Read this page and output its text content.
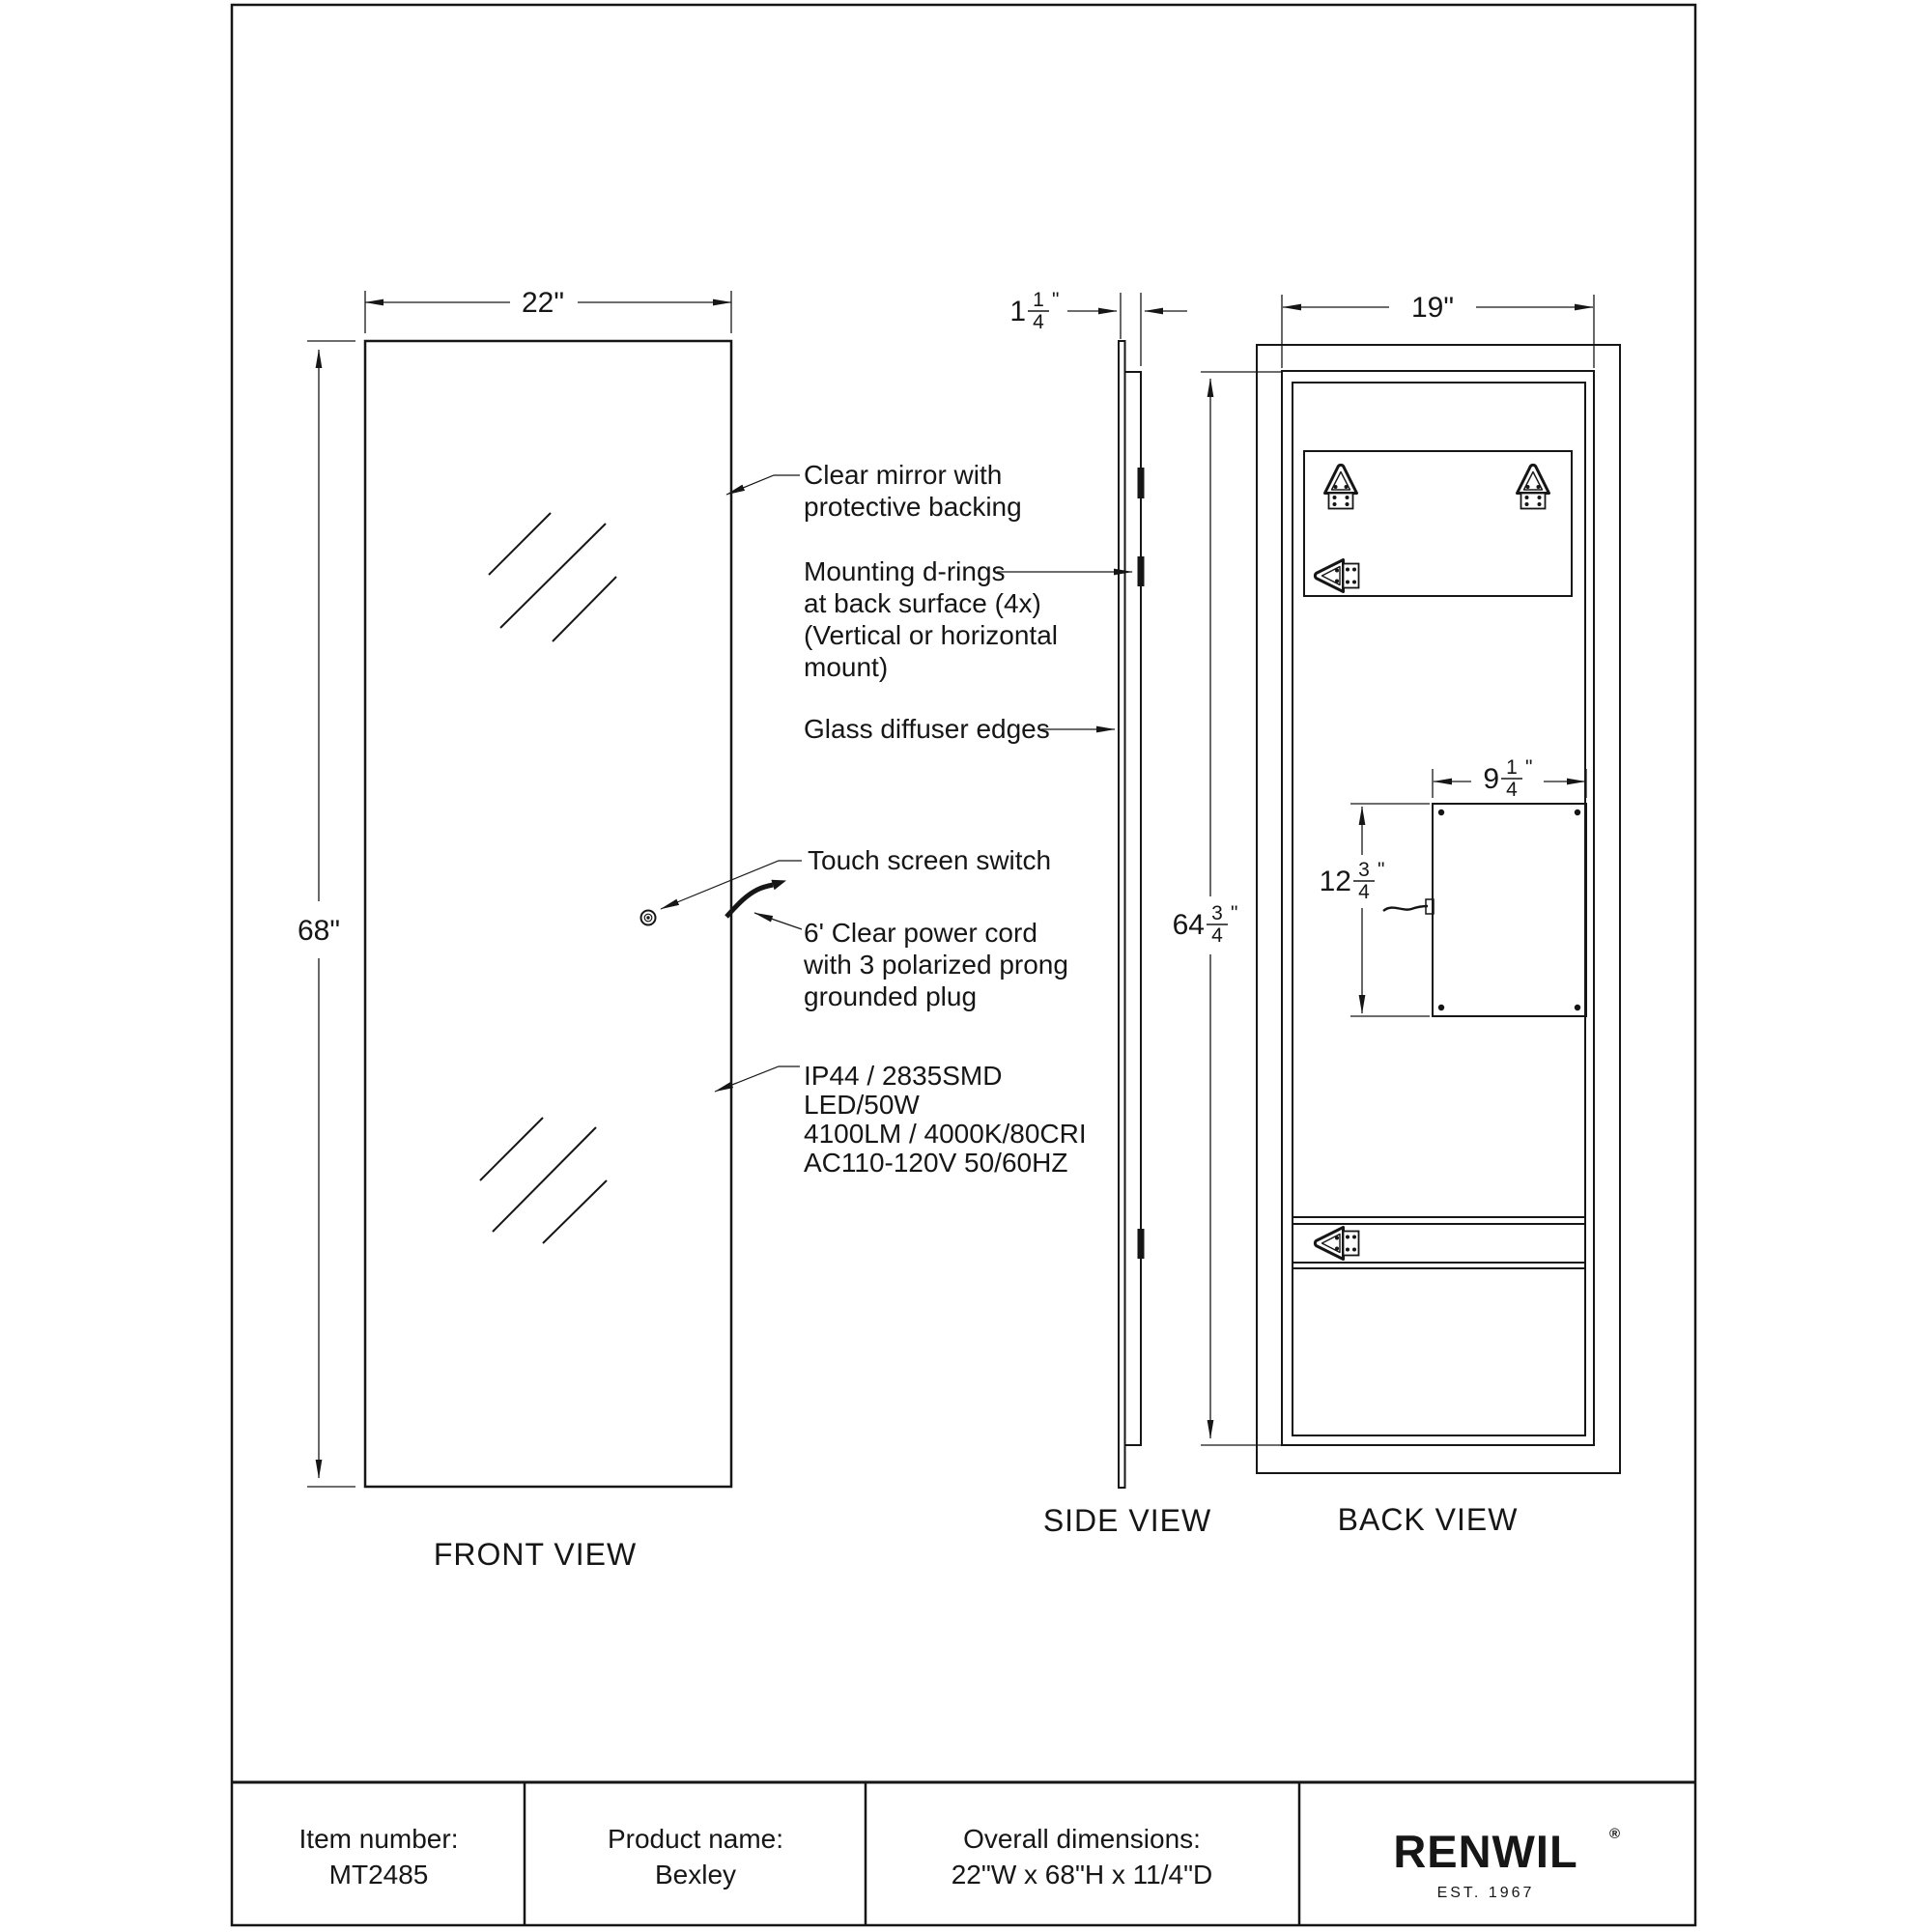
22"
68"
FRONT VIEW
Clear mirror with
protective backing
Mounting d-rings
at back surface (4x)
(Vertical or horizontal
mount)
Glass diffuser edges
Touch screen switch
6' Clear power cord
with 3 polarized prong
grounded plug
IP44 / 2835SMD
LED/50W
4100LM / 4000K/80CRI
AC110-120V 50/60HZ
1 1
4
"
64 3
4
"
SIDE VIEW
19"
9 1
4
"
12 3
4
"
BACK VIEW
Item number:
MT2485
Product name:
Bexley
Overall dimensions:
22"W x 68"H x 11/4"D	RENWIL ®
EST. 1967
